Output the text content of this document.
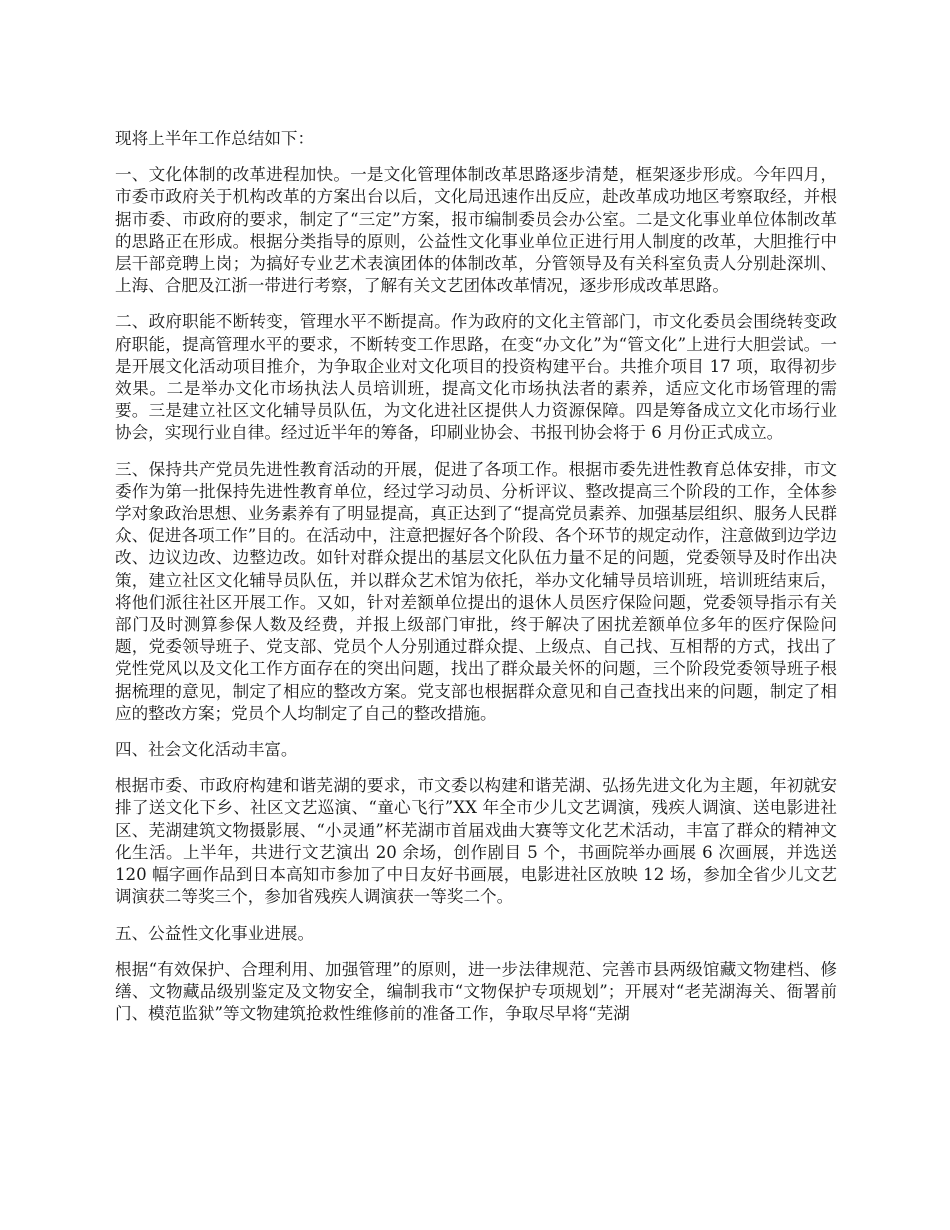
现将上半年工作总结如下：

一、文化体制的改革进程加快。一是文化管理体制改革思路逐步清楚，框架逐步形成。今年四月，市委市政府关于机构改革的方案出台以后，文化局迅速作出反应，赴改革成功地区考察取经，并根据市委、市政府的要求，制定了“三定”方案，报市编制委员会办公室。二是文化事业单位体制改革的思路正在形成。根据分类指导的原则，公益性文化事业单位正进行用人制度的改革，大胆推行中层干部竞聘上岗；为搞好专业艺术表演团体的体制改革，分管领导及有关科室负责人分别赴深圳、上海、合肥及江浙一带进行考察，了解有关文艺团体改革情况，逐步形成改革思路。

二、政府职能不断转变，管理水平不断提高。作为政府的文化主管部门，市文化委员会围绕转变政府职能，提高管理水平的要求，不断转变工作思路，在变“办文化”为“管文化”上进行大胆尝试。一是开展文化活动项目推介，为争取企业对文化项目的投资构建平台。共推介项目 17 项，取得初步效果。二是举办文化市场执法人员培训班，提高文化市场执法者的素养，适应文化市场管理的需要。三是建立社区文化辅导员队伍，为文化进社区提供人力资源保障。四是筹备成立文化市场行业协会，实现行业自律。经过近半年的筹备，印刷业协会、书报刊协会将于 6 月份正式成立。

三、保持共产党员先进性教育活动的开展，促进了各项工作。根据市委先进性教育总体安排，市文委作为第一批保持先进性教育单位，经过学习动员、分析评议、整改提高三个阶段的工作，全体参学对象政治思想、业务素养有了明显提高，真正达到了“提高党员素养、加强基层组织、服务人民群众、促进各项工作”目的。在活动中，注意把握好各个阶段、各个环节的规定动作，注意做到边学边改、边议边改、边整边改。如针对群众提出的基层文化队伍力量不足的问题，党委领导及时作出决策，建立社区文化辅导员队伍，并以群众艺术馆为依托，举办文化辅导员培训班，培训班结束后，将他们派往社区开展工作。又如，针对差额单位提出的退休人员医疗保险问题，党委领导指示有关部门及时测算参保人数及经费，并报上级部门审批，终于解决了困扰差额单位多年的医疗保险问题，党委领导班子、党支部、党员个人分别通过群众提、上级点、自己找、互相帮的方式，找出了党性党风以及文化工作方面存在的突出问题，找出了群众最关怀的问题，三个阶段党委领导班子根据梳理的意见，制定了相应的整改方案。党支部也根据群众意见和自己查找出来的问题，制定了相应的整改方案；党员个人均制定了自己的整改措施。

四、社会文化活动丰富。

根据市委、市政府构建和谐芜湖的要求，市文委以构建和谐芜湖、弘扬先进文化为主题，年初就安排了送文化下乡、社区文艺巡演、“童心飞行”XX 年全市少儿文艺调演，残疾人调演、送电影进社区、芜湖建筑文物摄影展、“小灵通”杯芜湖市首届戏曲大赛等文化艺术活动，丰富了群众的精神文化生活。上半年，共进行文艺演出 20 余场，创作剧目 5 个，书画院举办画展 6 次画展，并选送 120 幅字画作品到日本高知市参加了中日友好书画展，电影进社区放映 12 场，参加全省少儿文艺调演获二等奖三个，参加省残疾人调演获一等奖二个。

五、公益性文化事业进展。

根据“有效保护、合理利用、加强管理”的原则，进一步法律规范、完善市县两级馆藏文物建档、修缮、文物藏品级别鉴定及文物安全，编制我市“文物保护专项规划”；开展对“老芜湖海关、衙署前门、模范监狱”等文物建筑抢救性维修前的准备工作，争取尽早将“芜湖
